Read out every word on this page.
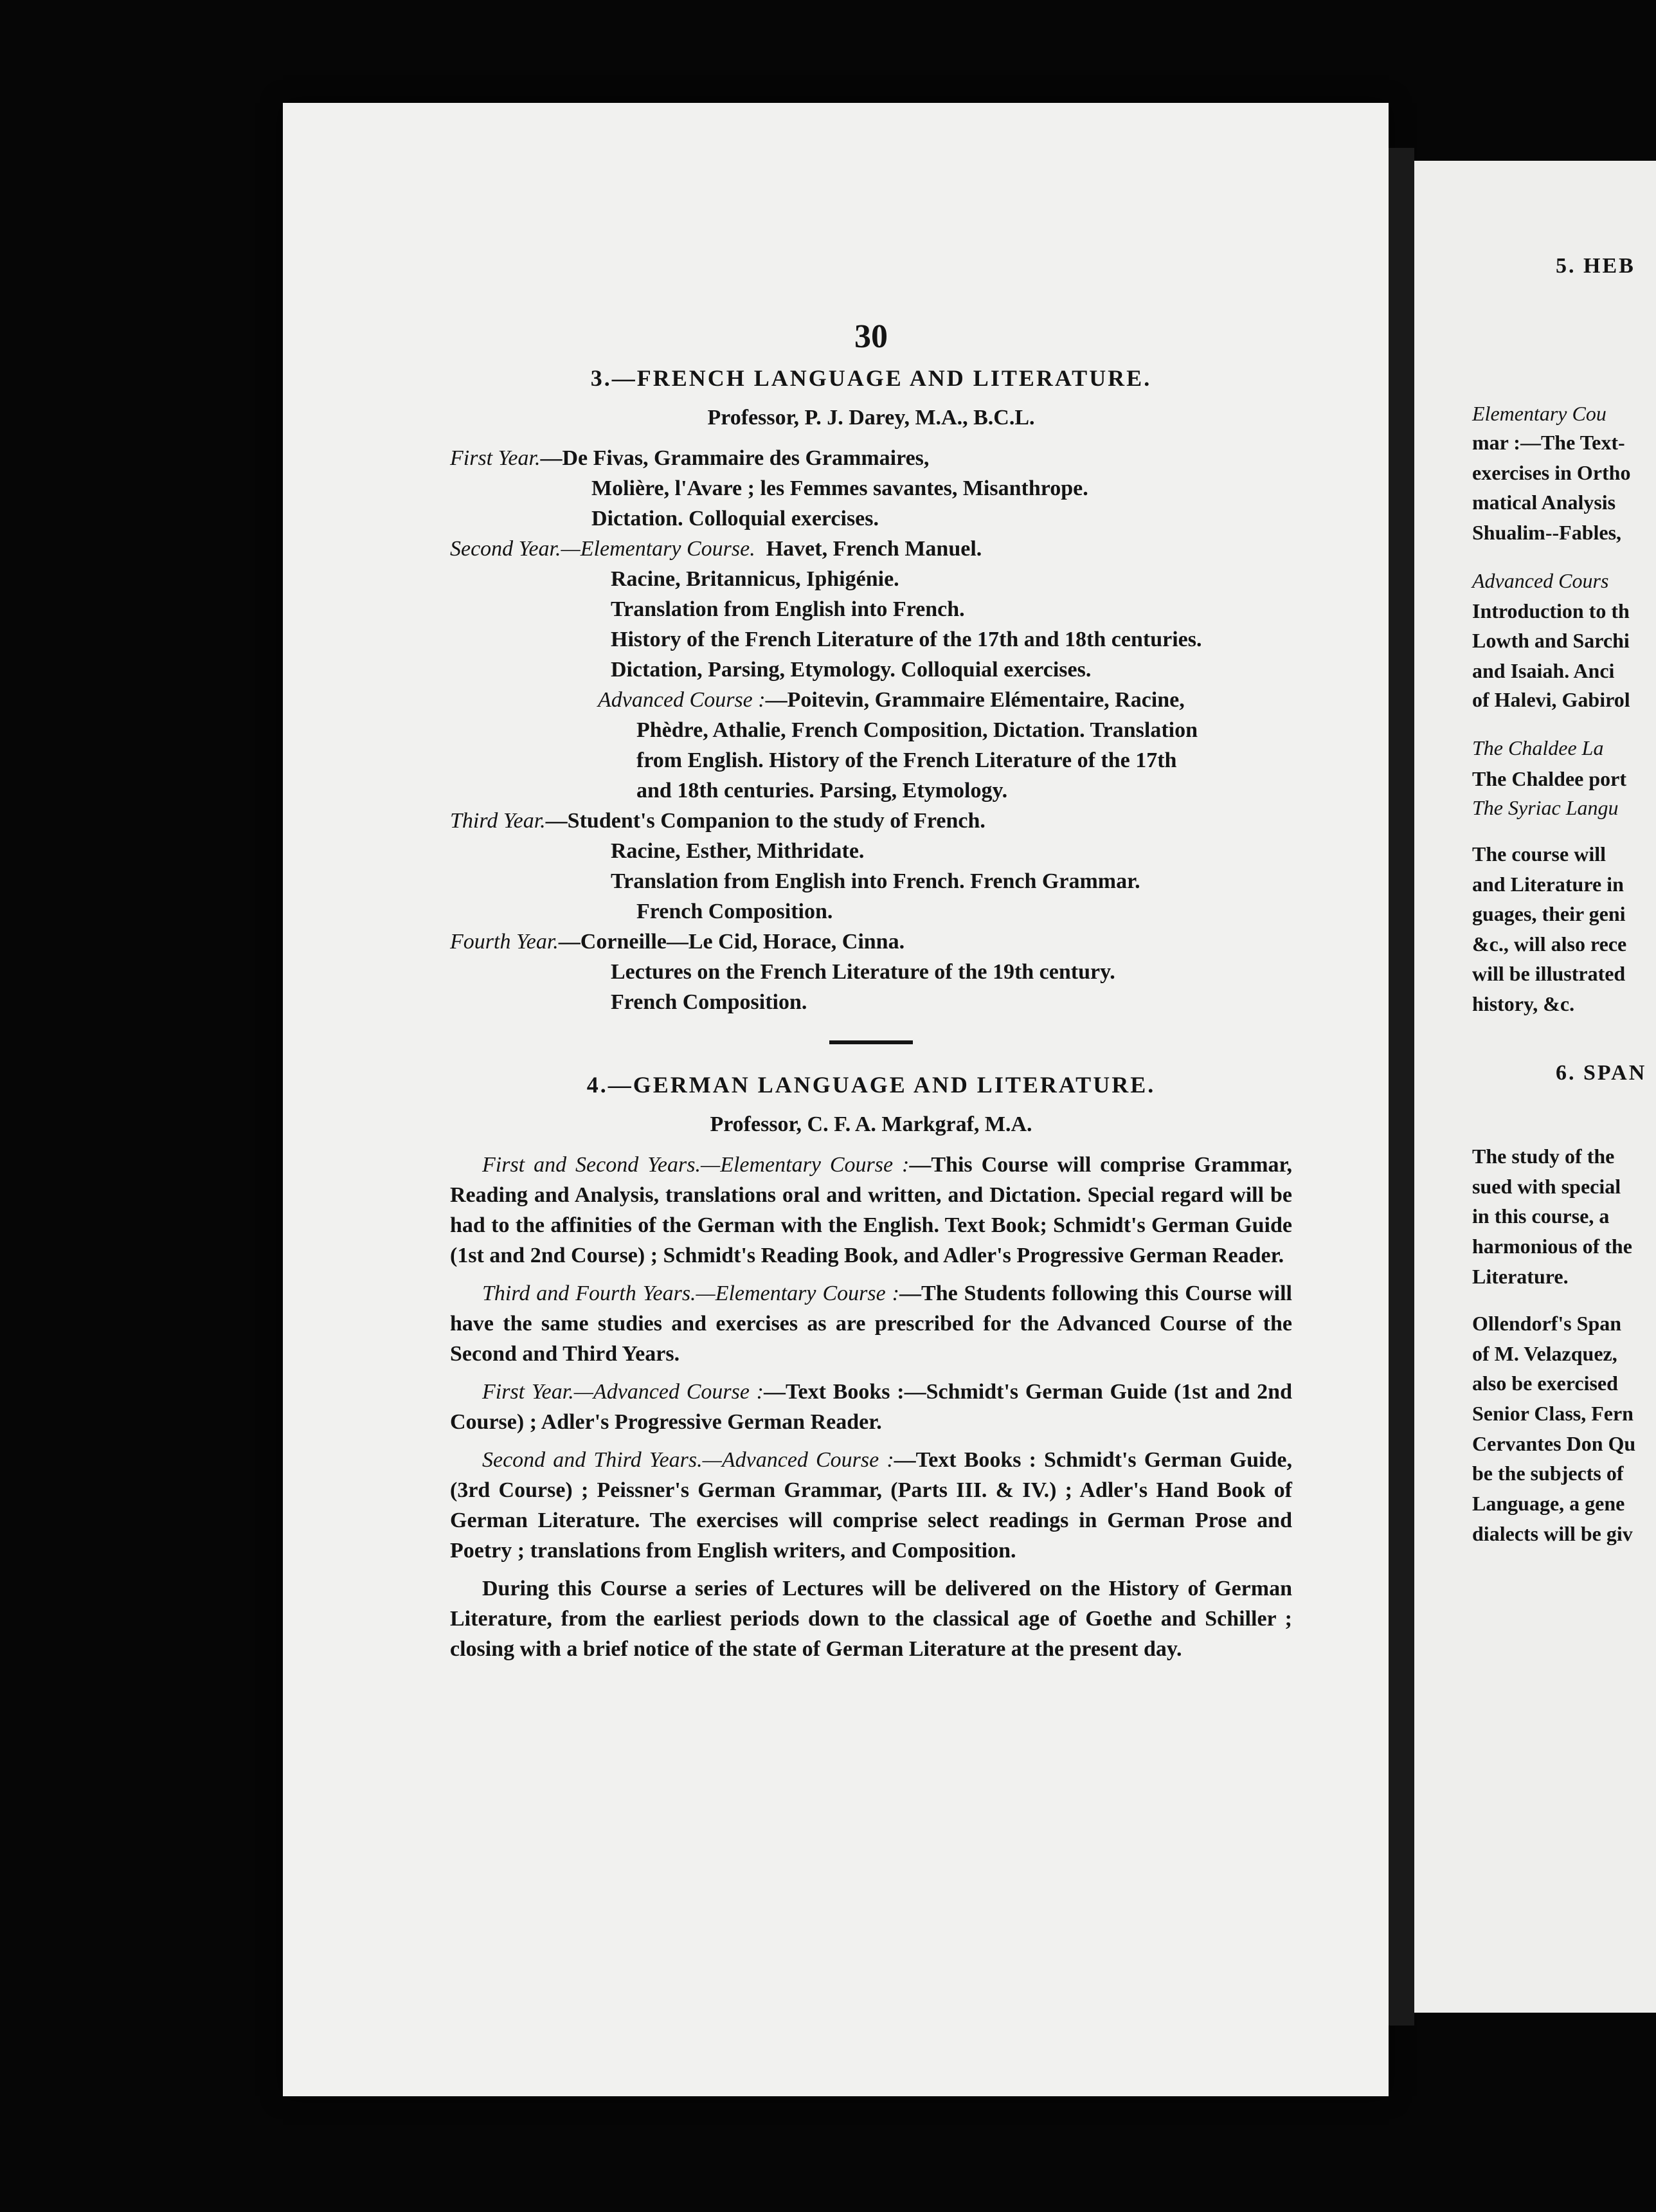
30
3.—FRENCH LANGUAGE AND LITERATURE.
Professor, P. J. Darey, M.A., B.C.L.
First Year.—De Fivas, Grammaire des Grammaires,
Molière, l'Avare ; les Femmes savantes, Misanthrope.
Dictation. Colloquial exercises.
Second Year.—Elementary Course. Havet, French Manuel.
Racine, Britannicus, Iphigénie.
Translation from English into French.
History of the French Literature of the 17th and 18th centuries.
Dictation, Parsing, Etymology. Colloquial exercises.
Advanced Course :—Poitevin, Grammaire Elémentaire, Racine,
Phèdre, Athalie, French Composition, Dictation. Translation
from English. History of the French Literature of the 17th
and 18th centuries. Parsing, Etymology.
Third Year.—Student's Companion to the study of French.
Racine, Esther, Mithridate.
Translation from English into French. French Grammar.
French Composition.
Fourth Year.—Corneille—Le Cid, Horace, Cinna.
Lectures on the French Literature of the 19th century.
French Composition.
4.—GERMAN LANGUAGE AND LITERATURE.
Professor, C. F. A. Markgraf, M.A.
First and Second Years.—Elementary Course :—This Course will comprise Grammar, Reading and Analysis, translations oral and written, and Dictation. Special regard will be had to the affinities of the German with the English. Text Book; Schmidt's German Guide (1st and 2nd Course) ; Schmidt's Reading Book, and Adler's Progressive German Reader.
Third and Fourth Years.—Elementary Course :—The Students following this Course will have the same studies and exercises as are prescribed for the Advanced Course of the Second and Third Years.
First Year.—Advanced Course :—Text Books :—Schmidt's German Guide (1st and 2nd Course) ; Adler's Progressive German Reader.
Second and Third Years.—Advanced Course :—Text Books : Schmidt's German Guide, (3rd Course) ; Peissner's German Grammar, (Parts III. & IV.) ; Adler's Hand Book of German Literature. The exercises will comprise select readings in German Prose and Poetry ; translations from English writers, and Composition.
During this Course a series of Lectures will be delivered on the History of German Literature, from the earliest periods down to the classical age of Goethe and Schiller ; closing with a brief notice of the state of German Literature at the present day.
5. HEB
Elementary Cou
mar :—The Text-
exercises in Ortho
matical Analysis
Shualim--Fables,
Advanced Cours
Introduction to th
Lowth and Sarchi
and Isaiah. Anci
of Halevi, Gabirol
The Chaldee La
The Chaldee port
The Syriac Langu
The course will
and Literature in
guages, their geni
&c., will also rece
will be illustrated
history, &c.
6. SPAN
The study of the
sued with special
in this course, a
harmonious of the
Literature.
Ollendorf's Span
of M. Velazquez,
also be exercised
Senior Class, Fern
Cervantes Don Qu
be the subjects of
Language, a gene
dialects will be giv
